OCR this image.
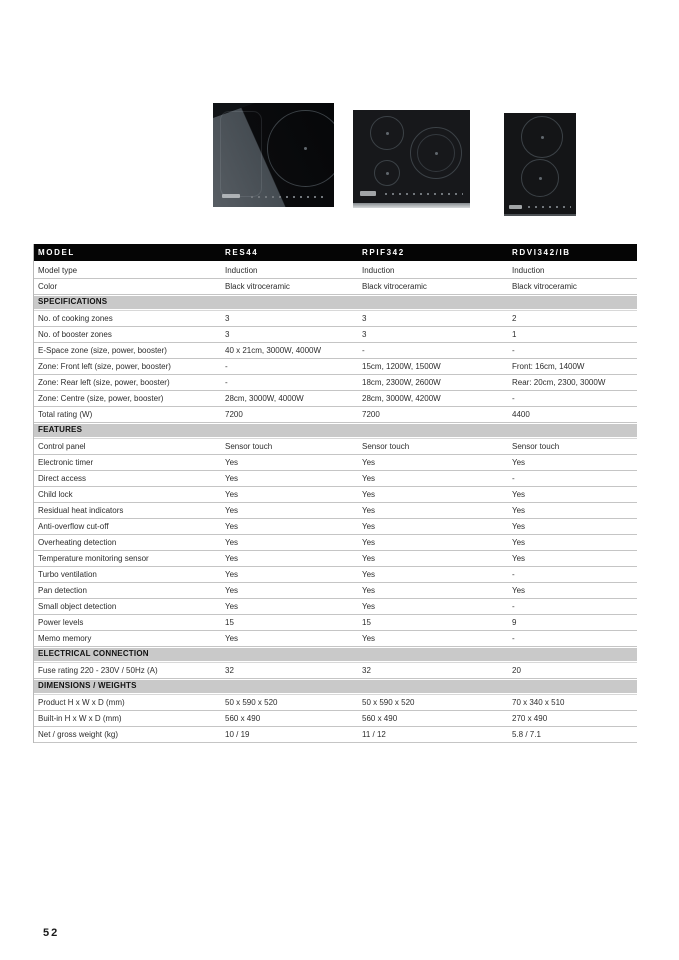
MODEL	RES44	RPIF342	RDVI342/IB
Model type	Induction	Induction	Induction
Color	Black vitroceramic	Black vitroceramic	Black vitroceramic
SPECIFICATIONS
No. of cooking zones	3	3	2
No. of booster zones	3	3	1
E-Space zone (size, power, booster)	40 x 21cm, 3000W, 4000W	-	-
Zone: Front left (size, power, booster)	-	15cm, 1200W, 1500W	Front: 16cm, 1400W
Zone: Rear left (size, power, booster)	-	18cm, 2300W, 2600W	Rear: 20cm, 2300, 3000W
Zone: Centre (size, power, booster)	28cm, 3000W, 4000W	28cm, 3000W, 4200W	-
Total rating (W)	7200	7200	4400
FEATURES
Control panel	Sensor touch	Sensor touch	Sensor touch
Electronic timer	Yes	Yes	Yes
Direct access	Yes	Yes	-
Child lock	Yes	Yes	Yes
Residual heat indicators	Yes	Yes	Yes
Anti-overflow cut-off	Yes	Yes	Yes
Overheating detection	Yes	Yes	Yes
Temperature monitoring sensor	Yes	Yes	Yes
Turbo ventilation	Yes	Yes	-
Pan detection	Yes	Yes	Yes
Small object detection	Yes	Yes	-
Power levels	15	15	9
Memo memory	Yes	Yes	-
ELECTRICAL CONNECTION
Fuse rating 220 - 230V / 50Hz (A)	32	32	20
DIMENSIONS / WEIGHTS
Product H x W x D (mm)	50 x 590 x 520	50 x 590 x 520	70 x 340 x 510
Built-in H x W x D (mm)	560 x 490	560 x 490	270 x 490
Net / gross weight (kg)	10 / 19	11 / 12	5.8 / 7.1
52
